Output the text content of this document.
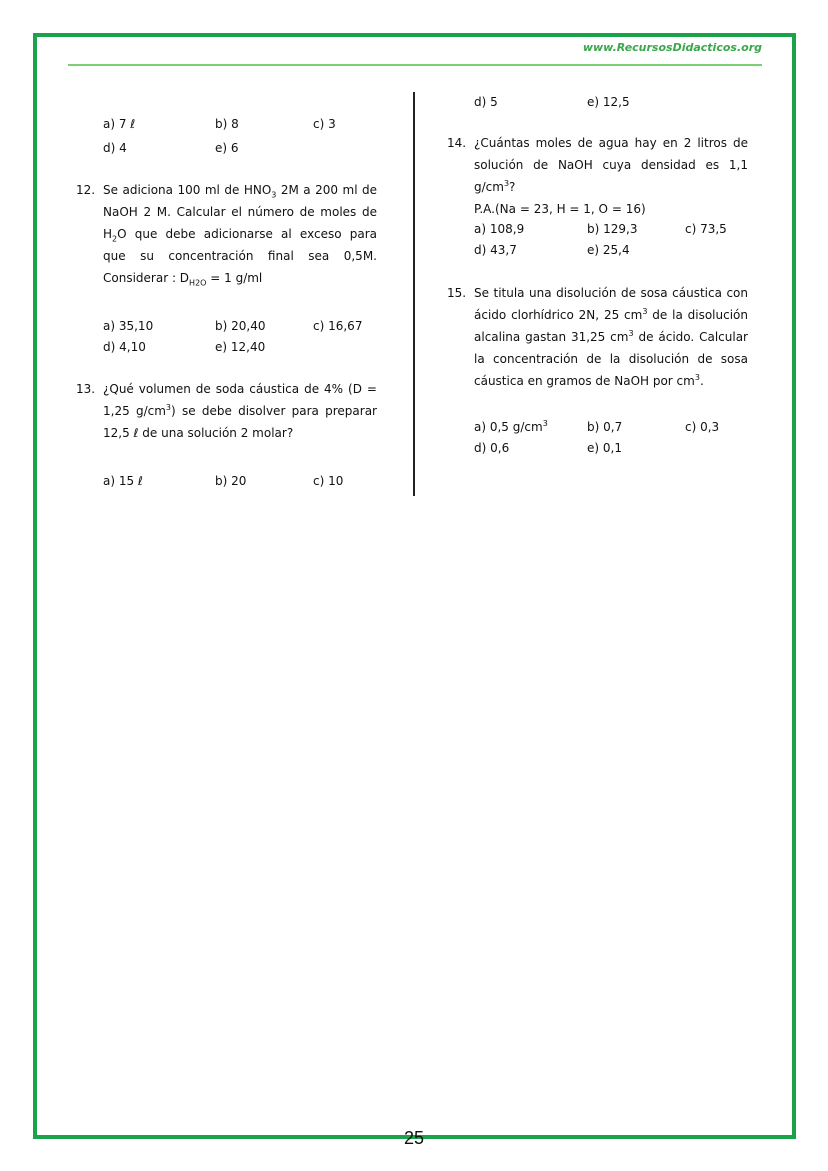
www.RecursosDidacticos.org
a) 7 ℓ	b) 8	c) 3
d) 4	e) 6
12. Se adiciona 100 ml de $HNO_3$ 2M a 200 ml de NaOH 2 M. Calcular el número de moles de $H_2O$ que debe adicionarse al exceso para que su concentración final sea 0,5M. Considerar : $D_{H2O} = 1$ g/ml
a) 35,10	b) 20,40	c) 16,67
d) 4,10	e) 12,40
13. ¿Qué volumen de soda cáustica de 4% (D = 1,25 $g/cm^3$) se debe disolver para preparar 12,5 ℓ de una solución 2 molar?
a) 15 ℓ	b) 20	c) 10
d) 5	e) 12,5
14. ¿Cuántas moles de agua hay en 2 litros de solución de NaOH cuya densidad es 1,1 $g/cm^3$?
P.A.(Na = 23, H = 1, O = 16)
a) 108,9	b) 129,3	c) 73,5
d) 43,7	e) 25,4
15. Se titula una disolución de sosa cáustica con ácido clorhídrico 2N, 25 $cm^3$ de la disolución alcalina gastan 31,25 $cm^3$ de ácido. Calcular la concentración de la disolución de sosa cáustica en gramos de NaOH por $cm^3$.
a) 0,5 $g/cm^3$	b) 0,7	c) 0,3
d) 0,6	e) 0,1
25
